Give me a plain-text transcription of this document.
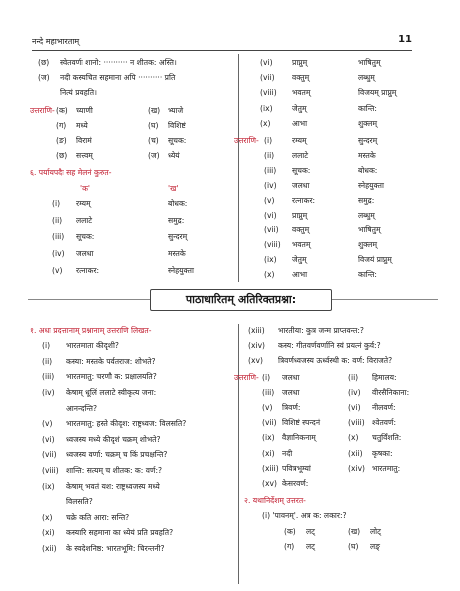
नन्दे महाभारताम्	11
पाठाधारितम् अतिरिक्तप्रश्ना:
(छ) स्वेतवर्णः शानो: ·········· न शीतक: अस्ति।
(ज) नदी कस्यचित सहमाना अपि ·········· प्रति
नित्यं प्रवहति।
उत्तराणि- (क) च्याणी	(ख) भ्याजे
(ग) मध्ये	(घ) विशिष्टं
(ङ) विरामं	(च) सूचक:
(छ) सत्त्वम्	(ज) ध्येयं
६. पर्यायपदैः सह मेलनं कुरुत-
'क'	'ख'
(i) रम्यम्	बोधक:
(ii) ललाटे	समुद्र:
(iii) सूचक:	सुन्दरम्
(iv) जलधा	मस्तके
(v) रत्नाकर:	स्नेहयुक्ता
(vi)	प्राप्नुम्	भाषितुम्
(vii) वक्तुम्	लब्धुम्
(viii) भवतम्	विजयम् प्राप्नुम्
(ix)	जेतुम्	कान्ति:
(x)	आभा	शुक्लम्
उत्तराणि- (i)	रम्यम्	सुन्दरम्
(ii) ललाटे	मस्तके
(iii) सूचक:	बोधक:
(iv) जलधा	स्नेहयुक्ता
(v) रत्नाकर:	समुद्र:
(vi) प्राप्नुम्	लब्धुम्
(vii) वक्तुम्	भाषितुम्
(viii) भवतम्	शुक्लम्
(ix) जेतुम्	विजयं प्राप्नुम्
(x) आभा	कान्ति:
१. अधः प्रदत्तानाम् प्रश्नानाम् उत्तराणि लिखत-
(i) भारतमाता कीदृशी?
(ii) कस्या: मस्तके पर्वतराज: शोभते?
(iii) भारतमातु: चरणौ क: प्रक्षालयति?
(iv) केषाम् धूलिं ललाटे स्वीकृत्य जना:
आनन्दन्ति?
(v) भारतमातु: हस्ते कीदृश: राष्ट्रध्वज: विलसति?
(vi) ध्वजस्य मध्ये कीदृशं चक्रम् शोभते?
(vii) ध्वजस्य वर्णा: चक्रम् च किं प्रचक्षन्ति?
(viii) शान्ति: सत्यम् च शीतक: क: वर्ण:?
(ix) केषाम् भवतं यश: राष्ट्रध्वजस्य मध्ये
विलसति?
(x) चक्रे कति आरा: सन्ति?
(xi) कस्यारि सहमाना का ध्येयं प्रति प्रवहति?
(xii) के स्वदेशनिष्ठ: भारतभूमि: चिरन्तनी?
(xiii) भारतीया: कुत्र जन्म प्राप्तवन्त:?
(xiv) कस्य: गीतवर्णवर्णानि स्वं प्रयत्नं कुर्व:?
(xv) त्रिवर्णध्वजस्य ऊर्ध्वस्थी क: वर्ण: विराजते?
उत्तराणि- (i) जलधा	(ii) हिमालय:
(iii) जलधा	(iv) वीरसैनिकाना:
(v) त्रिवर्ण:	(vi) नीलवर्ण:
(vii) विशिष्टं स्पन्दनं	(viii) श्वेतवर्ण:
(ix) वैज्ञानिकनाम्	(x) चतुर्विंशति:
(xi) नदी	(xii) कृषका:
(xiii) पवित्रभूम्यां	(xiv) भारतमातु:
(xv) केसरवर्ण:
२. यथानिर्देशम् उत्तरत-
(i) 'पावनम्'. अत्र क: लकार:?
(क) लट्	(ख) लोट्
(ग) लट्	(घ) लङ्
